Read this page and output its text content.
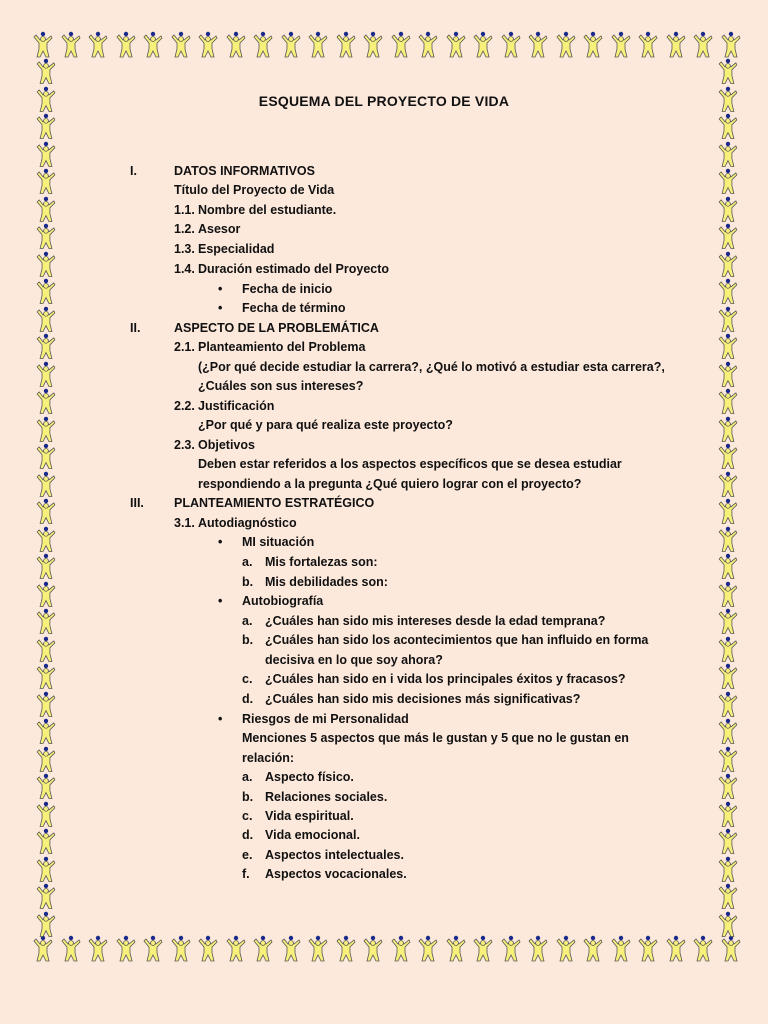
ESQUEMA DEL PROYECTO DE VIDA
I.	DATOS INFORMATIVOS
Título del Proyecto de Vida
1.1. Nombre del estudiante.
1.2. Asesor
1.3. Especialidad
1.4. Duración estimado del Proyecto
• Fecha de inicio
• Fecha de término
II.	ASPECTO DE LA PROBLEMÁTICA
2.1. Planteamiento del Problema
(¿Por qué decide estudiar la carrera?, ¿Qué lo motivó a estudiar esta carrera?,
¿Cuáles son sus intereses?
2.2. Justificación
¿Por qué y para qué realiza este proyecto?
2.3. Objetivos
Deben estar referidos a los aspectos específicos que se desea estudiar
respondiendo a la pregunta ¿Qué quiero lograr con el proyecto?
III. PLANTEAMIENTO ESTRATÉGICO
3.1. Autodiagnóstico
• MI situación
a. Mis fortalezas son:
b. Mis debilidades son:
• Autobiografía
a. ¿Cuáles han sido mis intereses desde la edad temprana?
b. ¿Cuáles han sido los acontecimientos que han influido en forma
decisiva en lo que soy ahora?
c. ¿Cuáles han sido en i vida los principales éxitos y fracasos?
d. ¿Cuáles han sido mis decisiones más significativas?
• Riesgos de mi Personalidad
Menciones 5 aspectos que más le gustan y 5 que no le gustan en
relación:
a. Aspecto físico.
b. Relaciones sociales.
c. Vida espiritual.
d. Vida emocional.
e. Aspectos intelectuales.
f. Aspectos vocacionales.
